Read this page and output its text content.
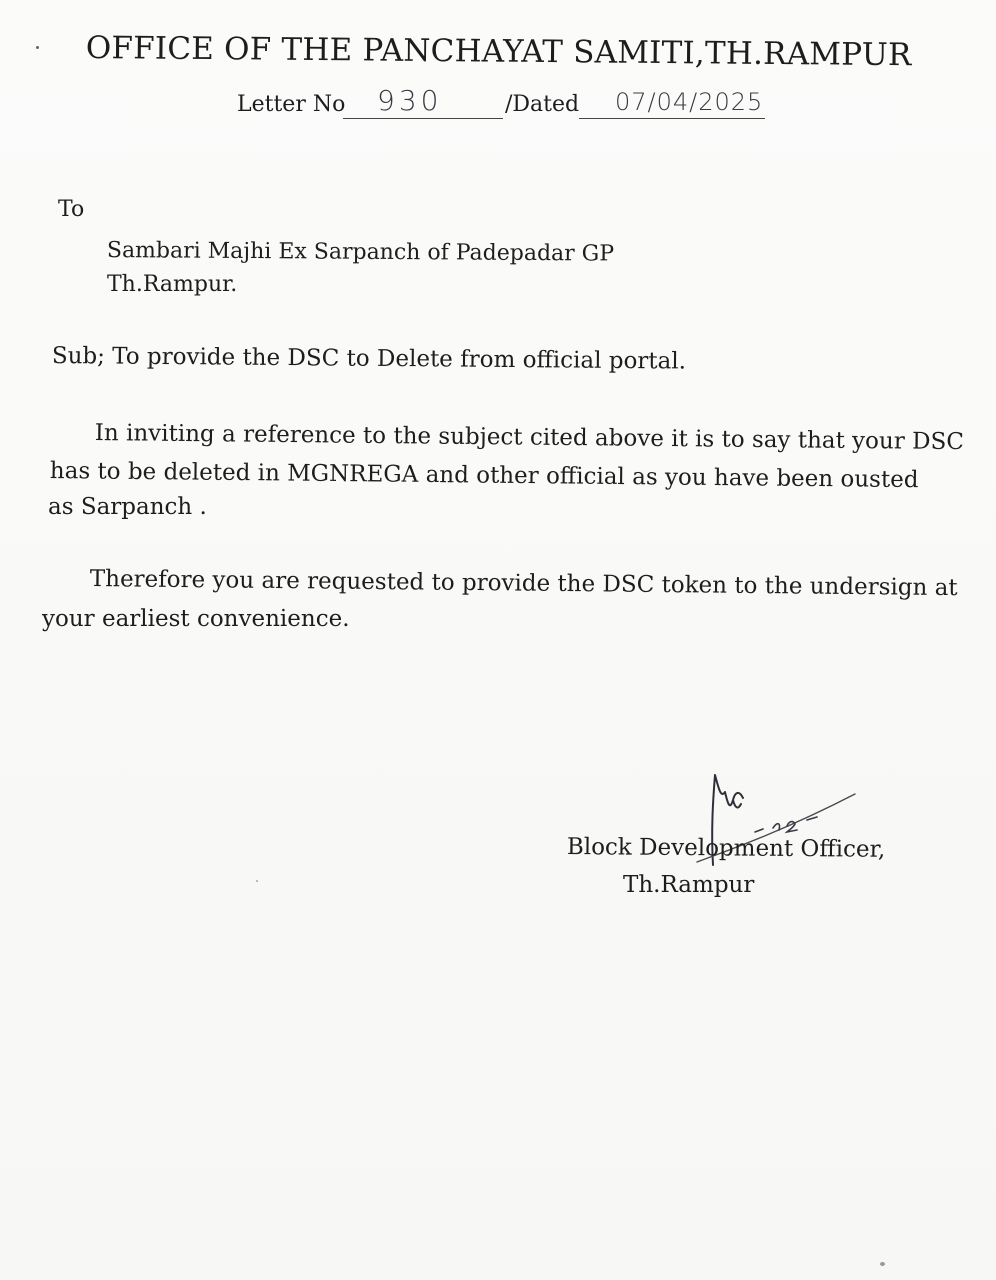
OFFICE OF THE PANCHAYAT SAMITI,TH.RAMPUR
Letter No 930	/Dated 07/04/2025
To
Sambari Majhi Ex Sarpanch of Padepadar GP
Th.Rampur.
Sub; To provide the DSC to Delete from official portal.
In inviting a reference to the subject cited above it is to say that your DSC
has to be deleted in MGNREGA and other official as you have been ousted
as Sarpanch .
Therefore you are requested to provide the DSC token to the undersign at
your earliest convenience.
Block Development Officer,
Th.Rampur
